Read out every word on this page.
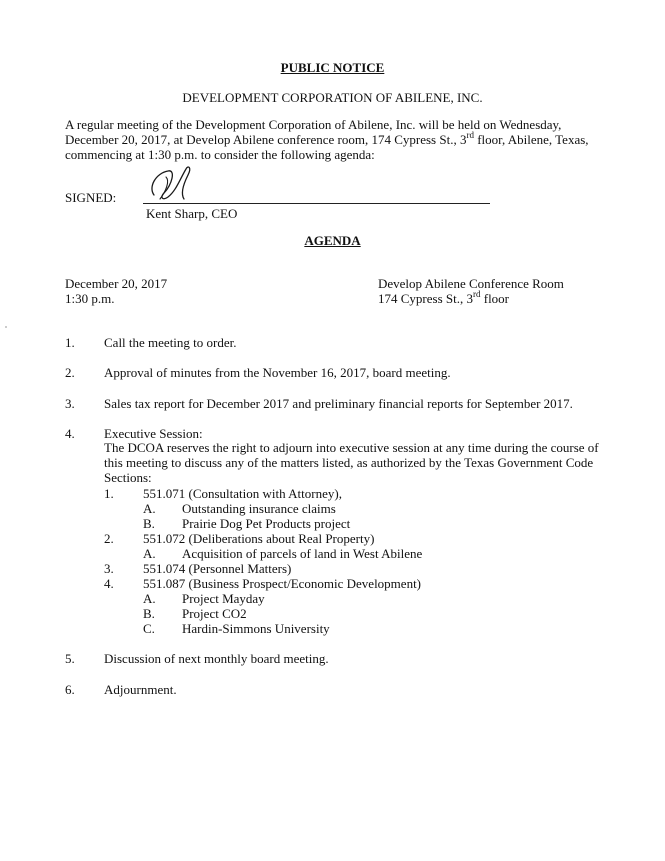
PUBLIC NOTICE
DEVELOPMENT CORPORATION OF ABILENE, INC.
A regular meeting of the Development Corporation of Abilene, Inc. will be held on Wednesday,
December 20, 2017, at Develop Abilene conference room, 174 Cypress St., 3rd floor, Abilene, Texas,
commencing at 1:30 p.m. to consider the following agenda:
SIGNED:
Kent Sharp, CEO
AGENDA
December 20, 2017
1:30 p.m.
Develop Abilene Conference Room
174 Cypress St., 3rd floor
1. Call the meeting to order.
2. Approval of minutes from the November 16, 2017, board meeting.
3. Sales tax report for December 2017 and preliminary financial reports for September 2017.
4. Executive Session:
The DCOA reserves the right to adjourn into executive session at any time during the course of
this meeting to discuss any of the matters listed, as authorized by the Texas Government Code
Sections:
1. 551.071 (Consultation with Attorney),
A. Outstanding insurance claims
B. Prairie Dog Pet Products project
2. 551.072 (Deliberations about Real Property)
A. Acquisition of parcels of land in West Abilene
3. 551.074 (Personnel Matters)
4. 551.087 (Business Prospect/Economic Development)
A. Project Mayday
B. Project CO2
C. Hardin-Simmons University
5. Discussion of next monthly board meeting.
6. Adjournment.
